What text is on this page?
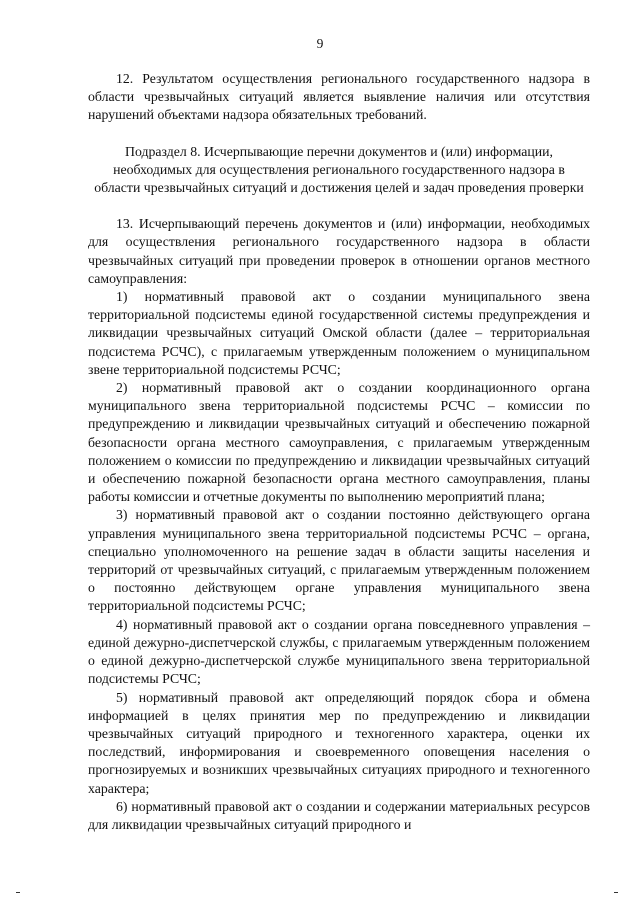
9

12. Результатом осуществления регионального государственного надзора в области чрезвычайных ситуаций является выявление наличия или отсутствия нарушений объектами надзора обязательных требований.

Подраздел 8. Исчерпывающие перечни документов и (или) информации, необходимых для осуществления регионального государственного надзора в области чрезвычайных ситуаций и достижения целей и задач проведения проверки

13. Исчерпывающий перечень документов и (или) информации, необходимых для осуществления регионального государственного надзора в области чрезвычайных ситуаций при проведении проверок в отношении органов местного самоуправления:

1) нормативный правовой акт о создании муниципального звена территориальной подсистемы единой государственной системы предупреждения и ликвидации чрезвычайных ситуаций Омской области (далее – территориальная подсистема РСЧС), с прилагаемым утвержденным положением о муниципальном звене территориальной подсистемы РСЧС;

2) нормативный правовой акт о создании координационного органа муниципального звена территориальной подсистемы РСЧС – комиссии по предупреждению и ликвидации чрезвычайных ситуаций и обеспечению пожарной безопасности органа местного самоуправления, с прилагаемым утвержденным положением о комиссии по предупреждению и ликвидации чрезвычайных ситуаций и обеспечению пожарной безопасности органа местного самоуправления, планы работы комиссии и отчетные документы по выполнению мероприятий плана;

3) нормативный правовой акт о создании постоянно действующего органа управления муниципального звена территориальной подсистемы РСЧС – органа, специально уполномоченного на решение задач в области защиты населения и территорий от чрезвычайных ситуаций, с прилагаемым утвержденным положением о постоянно действующем органе управления муниципального звена территориальной подсистемы РСЧС;

4) нормативный правовой акт о создании органа повседневного управления – единой дежурно-диспетчерской службы, с прилагаемым утвержденным положением о единой дежурно-диспетчерской службе муниципального звена территориальной подсистемы РСЧС;

5) нормативный правовой акт определяющий порядок сбора и обмена информацией в целях принятия мер по предупреждению и ликвидации чрезвычайных ситуаций природного и техногенного характера, оценки их последствий, информирования и своевременного оповещения населения о прогнозируемых и возникших чрезвычайных ситуациях природного и техногенного характера;

6) нормативный правовой акт о создании и содержании материальных ресурсов для ликвидации чрезвычайных ситуаций природного и
